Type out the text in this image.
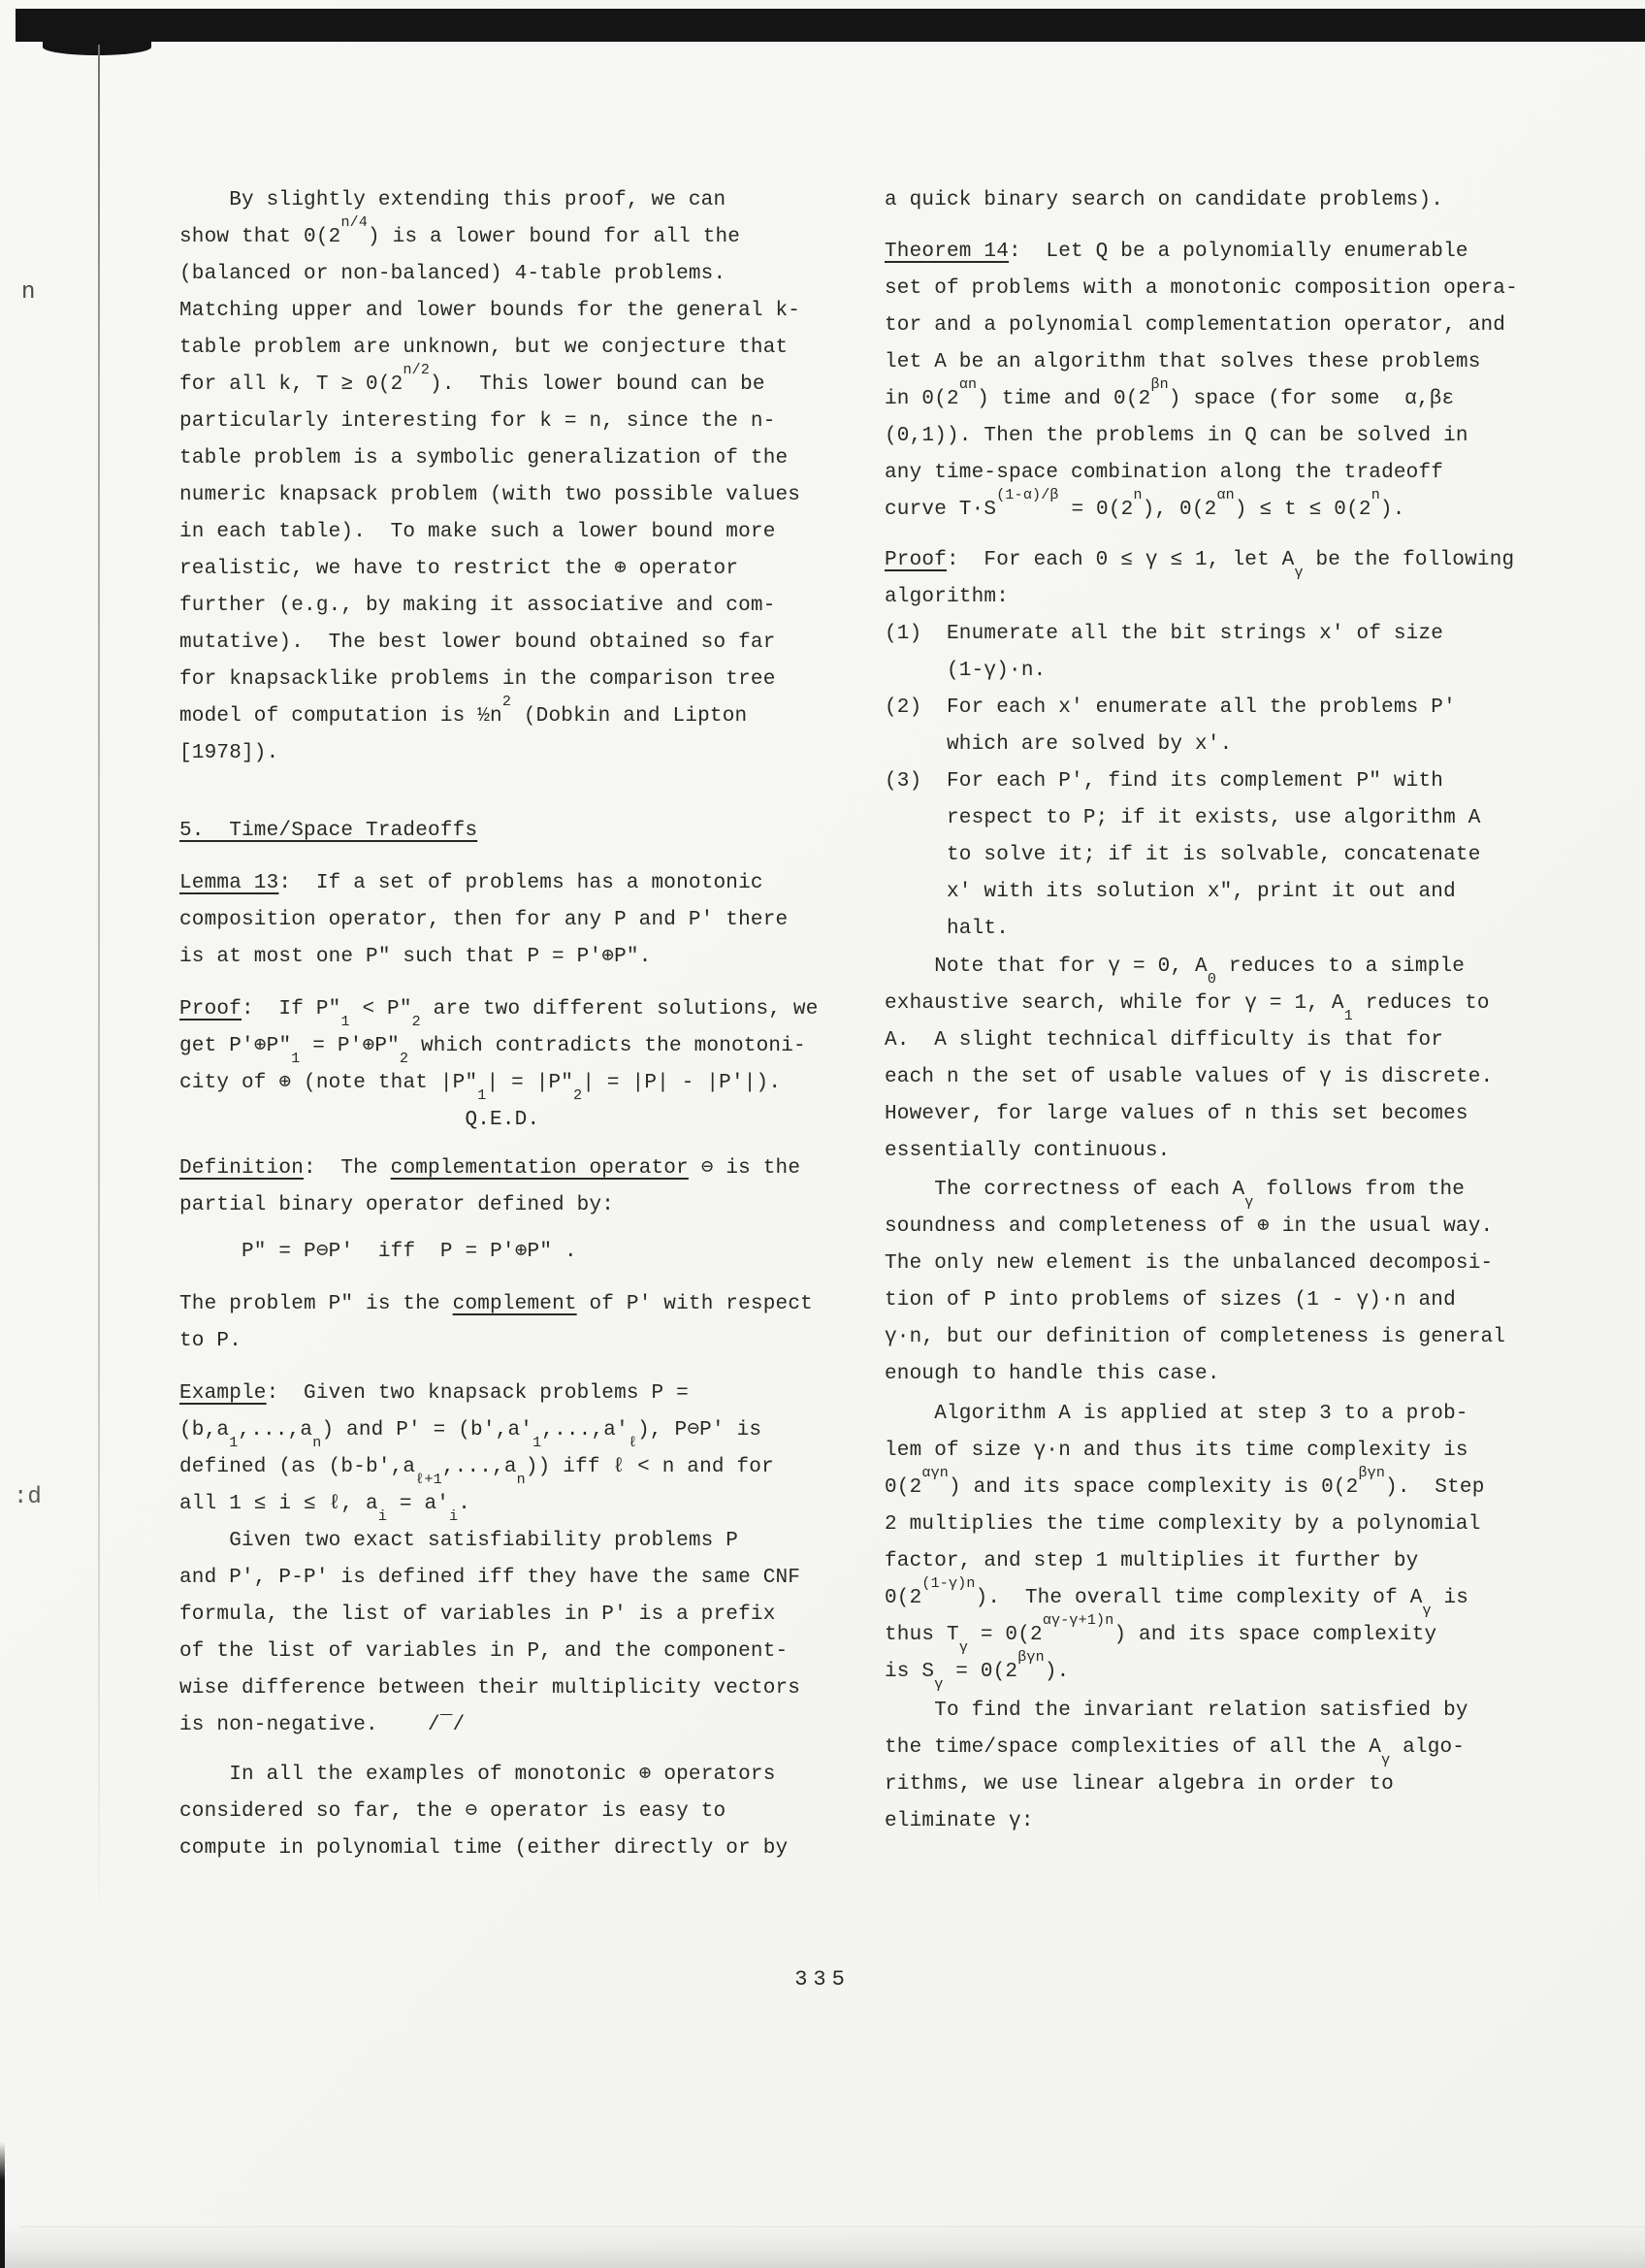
n
:d
By slightly extending this proof, we can
show that $0(2^{n/4})$ is a lower bound for all the
(balanced or non-balanced) 4-table problems.
Matching upper and lower bounds for the general k-
table problem are unknown, but we conjecture that
for all k, $T \ge 0(2^{n/2})$.  This lower bound can be
particularly interesting for k = n, since the n-
table problem is a symbolic generalization of the
numeric knapsack problem (with two possible values
in each table).  To make such a lower bound more
realistic, we have to restrict the ⊕ operator
further (e.g., by making it associative and com-
mutative).  The best lower bound obtained so far
for knapsacklike problems in the comparison tree
model of computation is $\frac{1}{2}n^2$ (Dobkin and Lipton
[1978]).
5.  Time/Space Tradeoffs
Lemma 13:  If a set of problems has a monotonic
composition operator, then for any P and P' there
is at most one P" such that P = P'⊕P".
Proof:  If $P"_1$ < $P"_2$ are two different solutions, we
get $P'\oplus P"_1$ = $P'\oplus P"_2$ which contradicts the monotoni-
city of ⊕ (note that $|P"_1|$ = $|P"_2| = |P| - |P'|$).
Q.E.D.
Definition:  The complementation operator ⊖ is the
partial binary operator defined by:
P" = P⊖P'  iff  P = P'⊕P" .
The problem P" is the complement of P' with respect
to P.
Example:  Given two knapsack problems P =
$(b,a_1,...,a_n)$ and $P' = (b',a'_1,...,a'_\ell)$, P⊖P' is
defined (as $(b-b',a_{\ell+1},...,a_n)$) iff ℓ < n and for
all 1 ≤ i ≤ ℓ, $a_i = a'_i$.
Given two exact satisfiability problems P
and P', P-P' is defined iff they have the same CNF
formula, the list of variables in P' is a prefix
of the list of variables in P, and the component-
wise difference between their multiplicity vectors
is non-negative.    /‾/
In all the examples of monotonic ⊕ operators
considered so far, the ⊖ operator is easy to
compute in polynomial time (either directly or by
a quick binary search on candidate problems).
Theorem 14:  Let Q be a polynomially enumerable
set of problems with a monotonic composition opera-
tor and a polynomial complementation operator, and
let A be an algorithm that solves these problems
in $0(2^{\alpha n})$ time and $0(2^{\beta n})$ space (for some  α,βε
(0,1)). Then the problems in Q can be solved in
any time-space combination along the tradeoff
curve $T\cdot S^{(1-\alpha)/\beta} = 0(2^n)$, $0(2^{\alpha n}) \le t \le 0(2^n)$.
Proof:  For each 0 ≤ γ ≤ 1, let $A_\gamma$ be the following
algorithm:
(1)  Enumerate all the bit strings x' of size
(1-γ)·n.
(2)  For each x' enumerate all the problems P'
which are solved by x'.
(3)  For each P', find its complement P" with
respect to P; if it exists, use algorithm A
to solve it; if it is solvable, concatenate
x' with its solution x", print it out and
halt.
Note that for γ = 0, $A_0$ reduces to a simple
exhaustive search, while for γ = 1, $A_1$ reduces to
A.  A slight technical difficulty is that for
each n the set of usable values of γ is discrete.
However, for large values of n this set becomes
essentially continuous.
The correctness of each $A_\gamma$ follows from the
soundness and completeness of ⊕ in the usual way.
The only new element is the unbalanced decomposi-
tion of P into problems of sizes (1 - γ)·n and
γ·n, but our definition of completeness is general
enough to handle this case.
Algorithm A is applied at step 3 to a prob-
lem of size γ·n and thus its time complexity is
$0(2^{\alpha\gamma n})$ and its space complexity is $0(2^{\beta\gamma n})$.  Step
2 multiplies the time complexity by a polynomial
factor, and step 1 multiplies it further by
$0(2^{(1-\gamma)n})$.  The overall time complexity of $A_\gamma$ is
thus $T_\gamma = 0(2^{\alpha\gamma-\gamma+1)n})$ and its space complexity
is $S_\gamma = 0(2^{\beta\gamma n})$.
To find the invariant relation satisfied by
the time/space complexities of all the $A_\gamma$ algo-
rithms, we use linear algebra in order to
eliminate γ:
335
